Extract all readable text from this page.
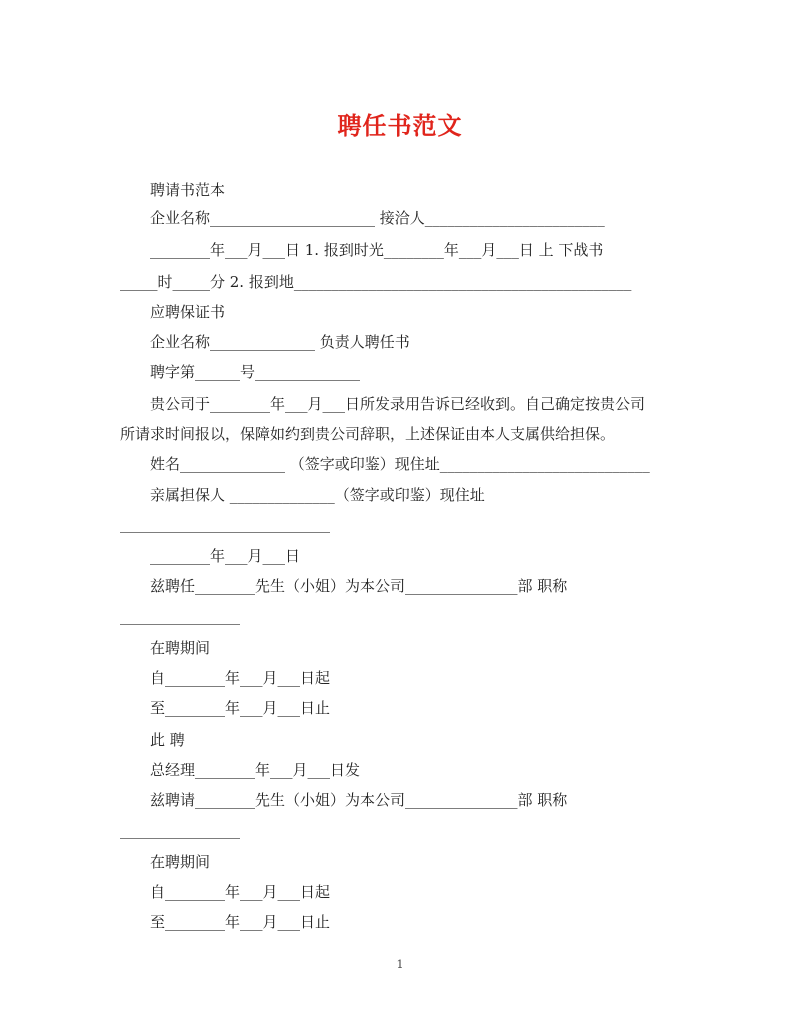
聘任书范文
聘请书范本
企业名称______________________ 接洽人________________________
________年___月___日 1. 报到时光________年___月___日 上 下战书
_____时_____分 2. 报到地_____________________________________________
应聘保证书
企业名称______________ 负责人聘任书
聘字第______号______________
贵公司于________年___月___日所发录用告诉已经收到。自己确定按贵公司
所请求时间报以，保障如约到贵公司辞职，上述保证由本人支属供给担保。
姓名______________ （签字或印鉴）现住址____________________________
亲属担保人 ______________（签字或印鉴）现住址
____________________________
________年___月___日
兹聘任________先生（小姐）为本公司_______________部 职称
________________
在聘期间
自________年___月___日起
至________年___月___日止
此 聘
总经理________年___月___日发
兹聘请________先生（小姐）为本公司_______________部 职称
________________
在聘期间
自________年___月___日起
至________年___月___日止
1
